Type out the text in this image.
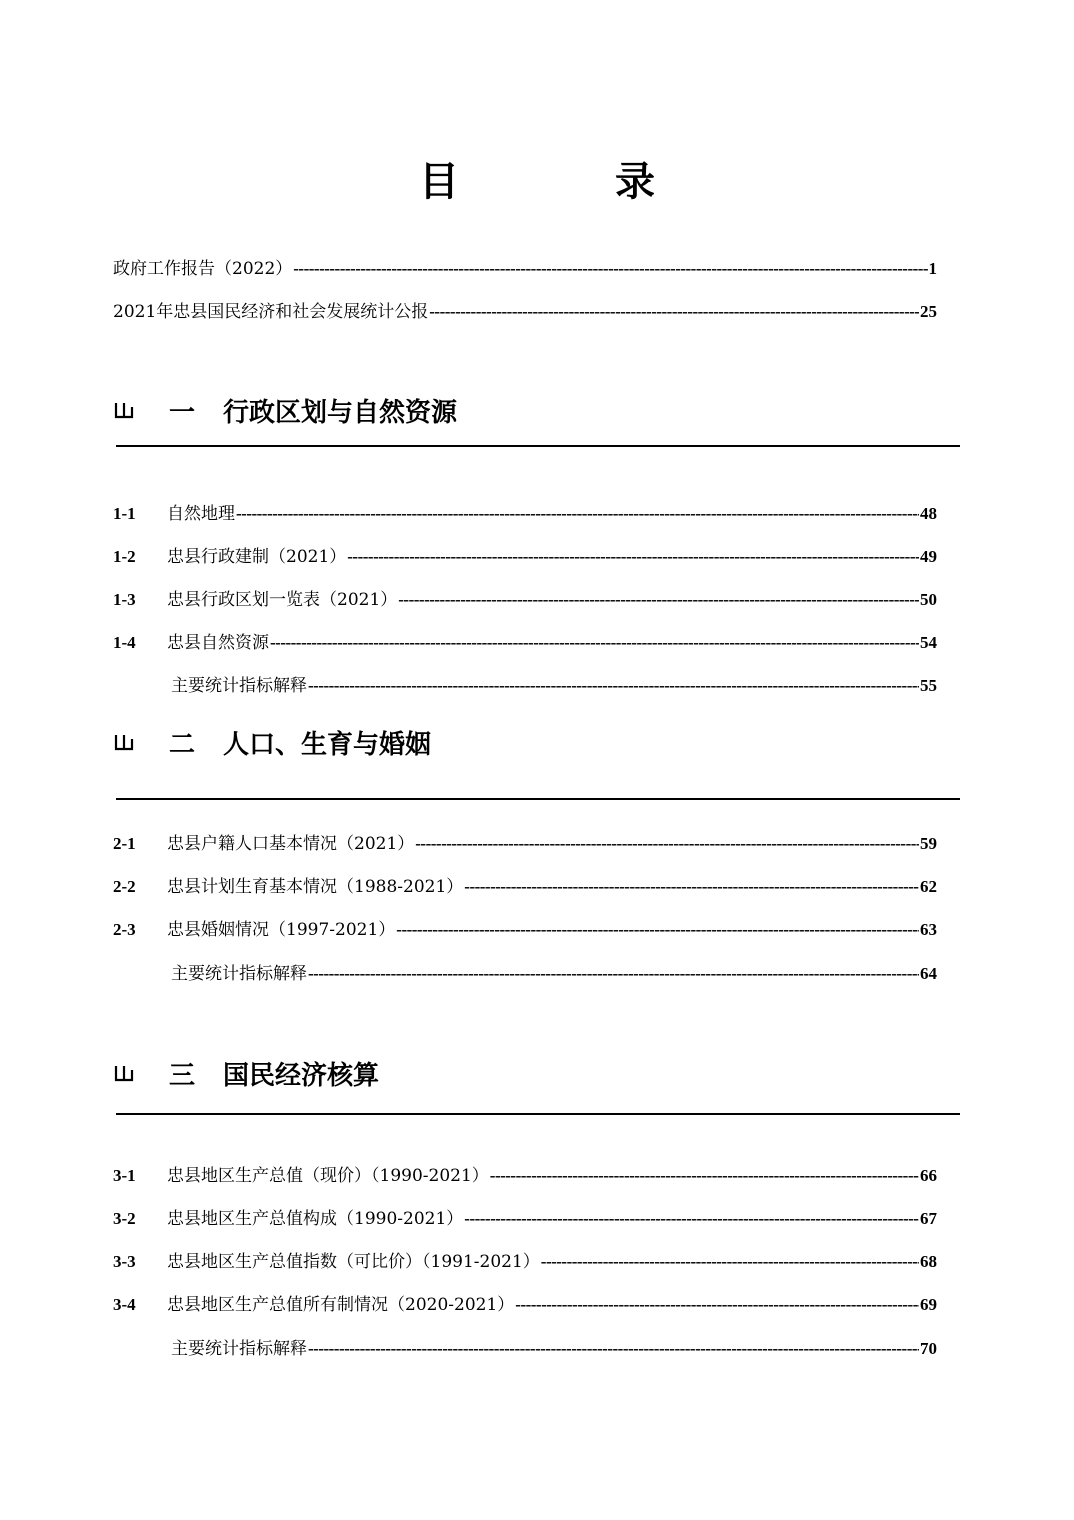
目　录
政府工作报告（2022） -----	1
2021年忠县国民经济和社会发展统计公报 -----	25
一	行政区划与自然资源
1-1	自然地理 -----	48
1-2	忠县行政建制（2021） -----	49
1-3	忠县行政区划一览表（2021） -----	50
1-4	忠县自然资源 -----	54
主要统计指标解释 -----	55
二	人口、生育与婚姻
2-1	忠县户籍人口基本情况（2021） -----	59
2-2	忠县计划生育基本情况（1988-2021） -----	62
2-3	忠县婚姻情况（1997-2021） -----	63
主要统计指标解释 -----	64
三	国民经济核算
3-1	忠县地区生产总值（现价）（1990-2021） -----	66
3-2	忠县地区生产总值构成（1990-2021） -----	67
3-3	忠县地区生产总值指数（可比价）（1991-2021） -----	68
3-4	忠县地区生产总值所有制情况（2020-2021） -----	69
主要统计指标解释 -----	70
